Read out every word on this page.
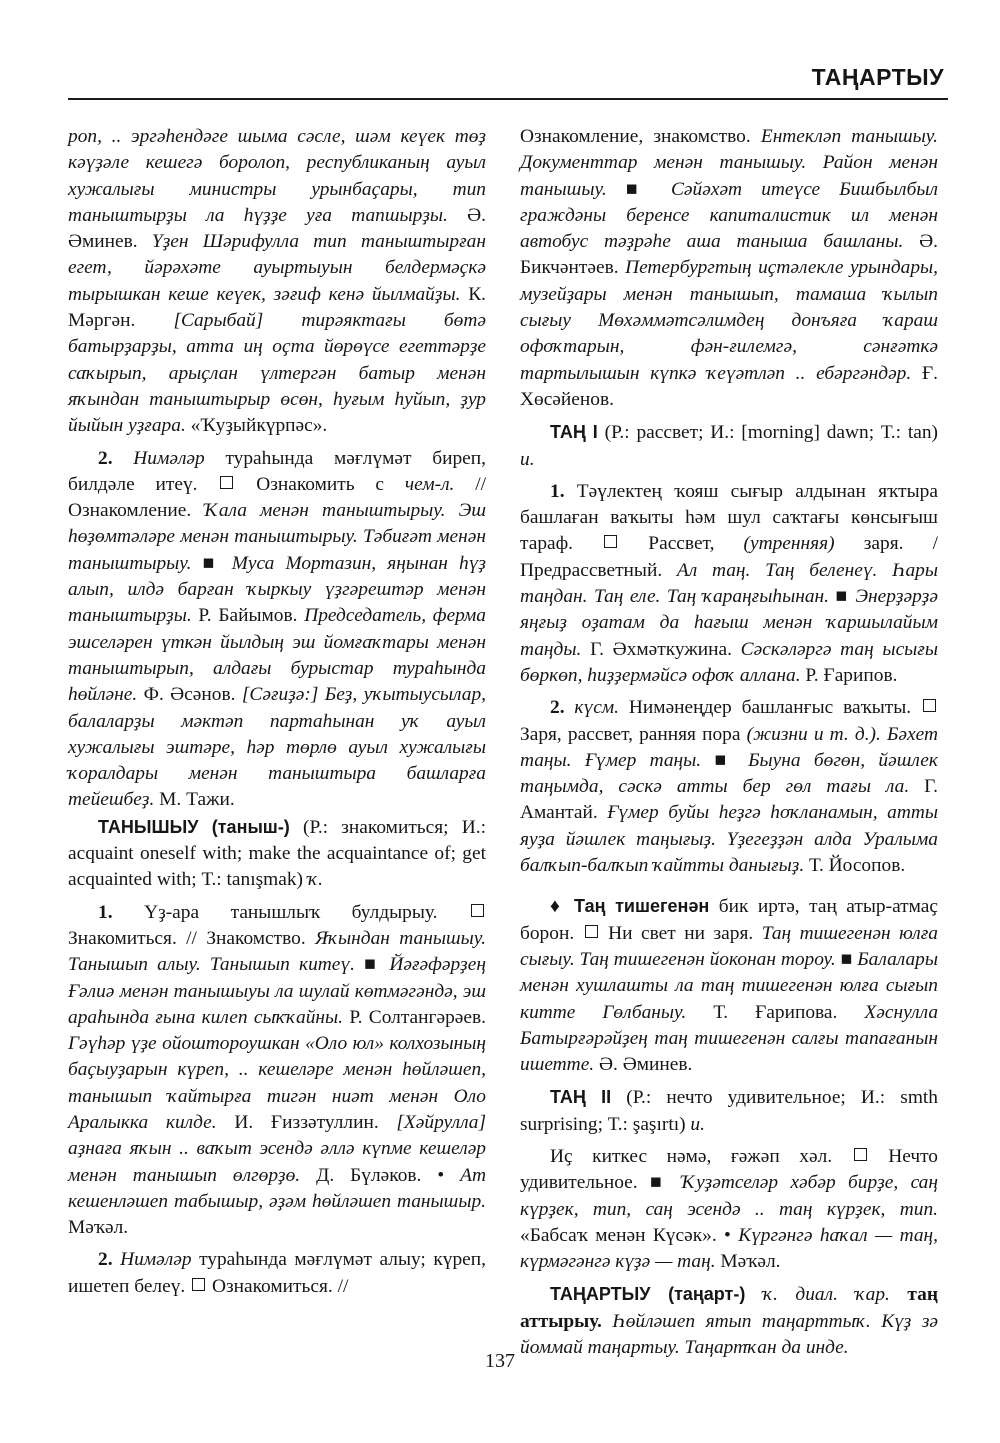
ТАҢАРТЫУ

роп, .. эргәһендәге шыма сәсле, шәм кеүек төҙ кәүҙәле кешегә боролоп, республиканың ауыл хужалығы министры урынбаҫары, тип таныштырҙы ла һүҙҙе уға тапшырҙы. Ә. Әминев. Үҙен Шәрифулла тип таныштырған егет, йәрәхәте ауыртыуын белдермәҫкә тырышкан кеше кеүек, зәғиф кенә йылмайҙы. К. Мәргән. [Сарыбай] тирәяктағы бөтә батырҙарҙы, атта иң оҫта йөрөүсе егеттәрҙе саҡырып, арыҫлан үлтергән батыр менән яҡындан таныштырыр өсөн, һуғым һуйып, ҙур йыйын уҙғара. «Ҡуҙыйкүрпәс».

2. Нимәләр тураһында мәғлүмәт биреп, билдәле итеү.  Ознакомить с чем-л. // Ознакомление. Ҡала менән таныштырыу. Эш һөҙөмтәләре менән таныштырыу. Тәбиғәт менән таныштырыу. ■ Муса Мортазин, яңынан һүҙ алып, илдә барған ҡыркыу үҙгәрештәр менән таныштырҙы. Р. Байымов. Председатель, ферма эшселәрен үткән йылдың эш йомғаҡтары менән таныштырып, алдағы бурыстар тураһында һөйләне. Ф. Әсәнов. [Сәғиҙә:] Беҙ, уҡытыусылар, балаларҙы мәктәп партаһынан уҡ ауыл хужалығы эштәре, һәр төрлө ауыл хужалығы ҡоралдары менән таныштыра башларға тейешбеҙ. М. Тажи.

ТАНЫШЫУ (таныш-) (Р.: знакомиться; И.: acquaint oneself with; make the acquaintance of; get acquainted with; Т.: tanışmak) ҡ.

1. Үҙ-ара танышлыҡ булдырыу.  Знакомиться. // Знакомство. Яҡындан танышыу. Танышып алыу. Танышып китеү. ■ Йәғәфәрҙең Ғәлиә менән танышыуы ла шулай көтмәгәндә, эш араһында ғына килеп сыҡҡайны. Р. Солтангәрәев. Гәүһәр үҙе ойоштороушкан «Оло юл» колхозының баҫыуҙарын күреп, .. кешеләре менән һөйләшеп, танышып ҡайтырға тигән ниәт менән Оло Аралыкка килде. И. Ғиззәтуллин. [Хәйрулла] аҙнаға яҡын .. ваҡыт эсендә әллә күпме кешеләр менән танышып өлгөрҙө. Д. Бүләков. • Ат кешенләшеп табышыр, әҙәм һөйләшеп танышыр. Мәҡәл.

2. Нимәләр тураһында мәғлүмәт алыу; күреп, ишетеп белеү.  Ознакомиться. //

Ознакомление, знакомство. Ентекләп танышыу. Документтар менән танышыу. Район менән танышыу. ■ Сәйәхәт итеүсе Бишбылбыл граждәны беренсе капиталистик ил менән автобус тәҙрәһе аша таныша башланы. Ә. Бикчәнтәев. Петербургтың иҫтәлекле урындары, музейҙары менән танышып, тамаша ҡылып сығыу Мөхәммәтсәлимдең донъяға ҡараш офоҡтарын, фән-ғилемгә, сәнғәткә тартылышын күпкә ҡеүәтләп .. ебәргәндәр. Ғ. Хөсәйенов.

ТАҢ I (Р.: рассвет; И.: [morning] dawn; Т.: tan) и.

1. Тәүлектең ҡояш сығыр алдынан яҡтыра башлаған ваҡыты һәм шул саҡтағы көнсығыш тараф.  Рассвет, (утренняя) заря. / Предрассветный. Ал таң. Таң беленеү. Һары таңдан. Таң еле. Таң ҡараңғыһынан. ■ Энерҙәрҙә яңғыҙ оҙатам да һағыш менән ҡаршылайым таңды. Г. Әхмәткужина. Сәскәләргә таң ысығы бөркөп, һиҙҙермәйсә офоҡ аллана. Р. Ғарипов.

2. күсм. Нимәнеңдер башланғыс ваҡыты.  Заря, рассвет, ранняя пора (жизни и т. д.). Бәхет таңы. Ғүмер таңы. ■ Быуна бөгөн, йәшлек таңымда, сәскә атты бер гөл тағы ла. Г. Амантай. Ғүмер буйы һеҙгә һоҡланамын, атты яуҙа йәшлек таңығыҙ. Үҙегеҙҙән алда Уралыма балҡып-балҡып ҡайтты данығыҙ. Т. Йосопов.

♦ Таң тишегенән бик иртә, таң атыр-атмаҫ борон.  Ни свет ни заря. Таң тишегенән юлға сығыу. Таң тишегенән йоконан тороу. ■ Балалары менән хушлашты ла таң тишегенән юлға сығып китте Гөлбаныу. Т. Ғарипова. Хәснулла Батырғәрәйҙең таң тишегенән салғы тапағанын ишетте. Ә. Әминев.

ТАҢ II (Р.: нечто удивительное; И.: smth surprising; Т.: şaşırtı) и.

Иҫ киткес нәмә, ғәжәп хәл.  Нечто удивительное. ■ Ҡуҙәтселәр хәбәр бирҙе, саң күрҙек, тип, саң эсендә .. таң күрҙек, тип. «Бабсаҡ менән Күсәк». • Күргәнгә һаҡал — таң, күрмәгәнгә күҙә — таң. Мәҡәл.

ТАҢАРТЫУ (таңарт-) ҡ. диал. ҡар. таң аттырыу. Һөйләшеп ятып таңарттыҡ. Күҙ зә йоммай таңартыу. Таңартҡан да инде.

137
